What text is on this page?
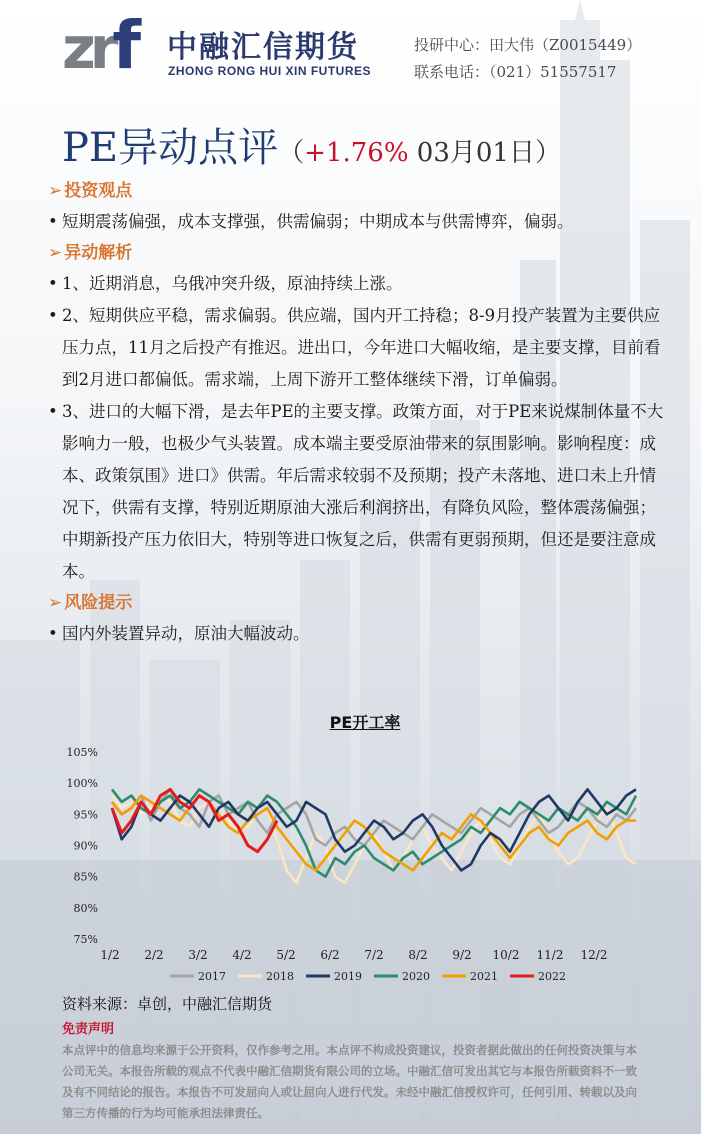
zrf 中融汇信期货
ZHONG RONG HUI XIN FUTURES
投研中心：田大伟（Z0015449）
联系电话：（021）51557517
PE异动点评（+1.76% 03月01日）
➢ 投资观点
• 短期震荡偏强，成本支撑强，供需偏弱；中期成本与供需博弈，偏弱。
➢ 异动解析
• 1、近期消息，乌俄冲突升级，原油持续上涨。
• 2、短期供应平稳，需求偏弱。供应端，国内开工持稳；8-9月投产装置为主要供应压力点，11月之后投产有推迟。进出口，今年进口大幅收缩，是主要支撑，目前看到2月进口都偏低。需求端，上周下游开工整体继续下滑，订单偏弱。
• 3、进口的大幅下滑，是去年PE的主要支撑。政策方面，对于PE来说煤制体量不大影响力一般，也极少气头装置。成本端主要受原油带来的氛围影响。影响程度：成本、政策氛围》进口》供需。年后需求较弱不及预期；投产未落地、进口未上升情况下，供需有支撑，特别近期原油大涨后利润挤出，有降负风险，整体震荡偏强；中期新投产压力依旧大，特别等进口恢复之后，供需有更弱预期，但还是要注意成本。
➢ 风险提示
• 国内外装置异动，原油大幅波动。
PE开工率
105%
100%
95%
90%
85%
80%
75%
1/2 2/2 3/2 4/2 5/2 6/2 7/2 8/2 9/2 10/2 11/2 12/2
2017	2018	2019	2020	2021	2022
资料来源：卓创，中融汇信期货
免责声明
本点评中的信息均来源于公开资料，仅作参考之用。本点评不构成投资建议，投资者据此做出的任何投资决策与本公司无关。本报告所载的观点不代表中融汇信期货有限公司的立场。中融汇信可发出其它与本报告所载资料不一致及有不同结论的报告。本报告不可发屈向人或让屈向人进行代发。未经中融汇信授权许可，任何引用、转载以及向第三方传播的行为均可能承担法律责任。
